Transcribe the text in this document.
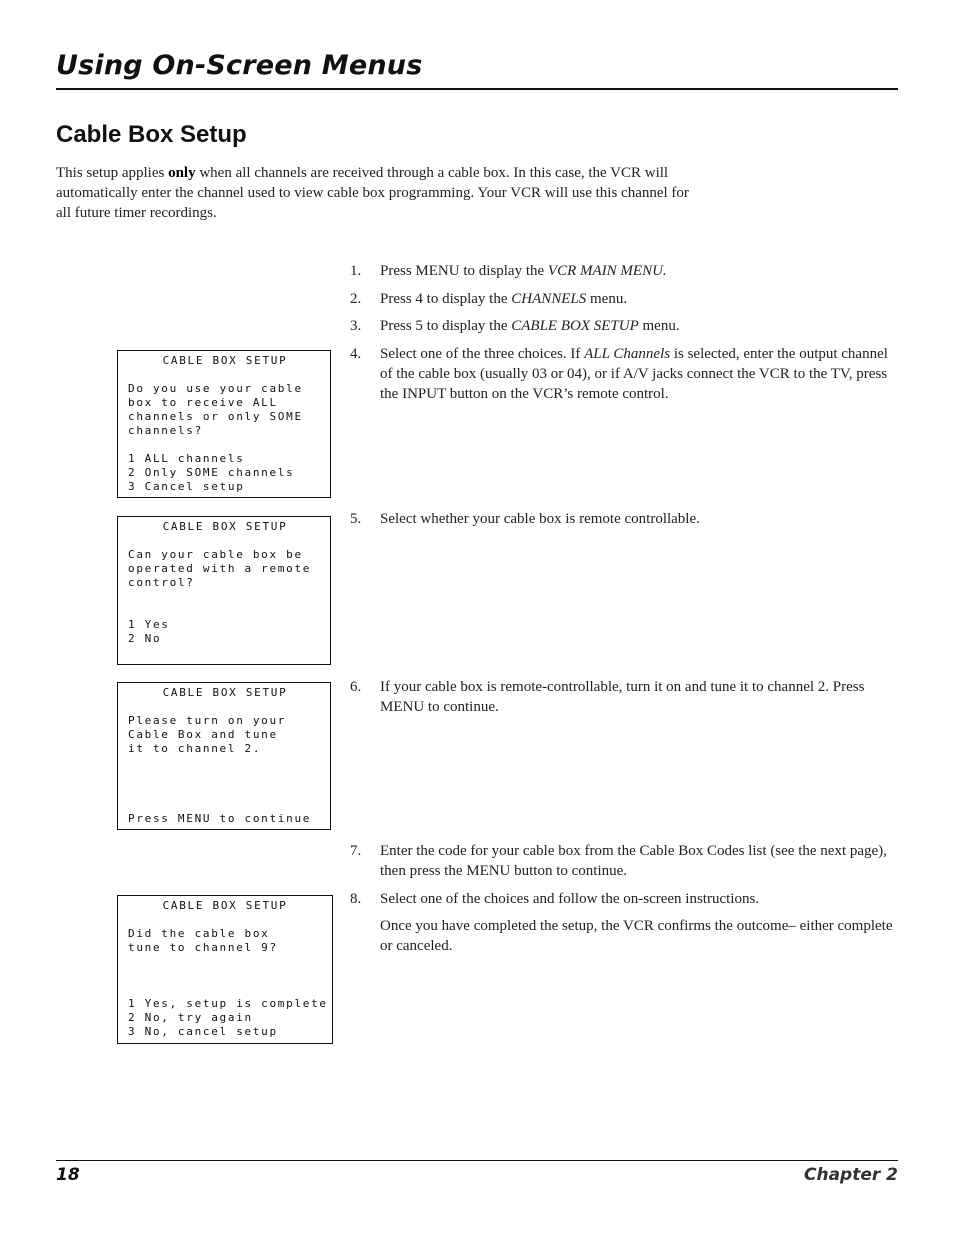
Using On-Screen Menus
Cable Box Setup

This setup applies only when all channels are received through a cable box. In this case, the VCR will automatically enter the channel used to view cable box programming. Your VCR will use this channel for all future timer recordings.

CABLE BOX SETUP
Do you use your cable
box to receive ALL
channels or only SOME
channels?

1 ALL channels
2 Only SOME channels
3 Cancel setup
CABLE BOX SETUP
Can your cable box be
operated with a remote
control?

1 Yes
2 No
CABLE BOX SETUP
Please turn on your
Cable Box and tune
it to channel 2.

Press MENU to continue
CABLE BOX SETUP
Did the cable box
tune to channel 9?

1 Yes, setup is complete
2 No, try again
3 No, cancel setup
1.	Press MENU to display the VCR MAIN MENU.
2.	Press 4 to display the CHANNELS menu.
3.	Press 5 to display the CABLE BOX SETUP menu.
4.	Select one of the three choices. If ALL Channels is selected, enter the output channel of the cable box (usually 03 or 04), or if A/V jacks connect the VCR to the TV, press the INPUT button on the VCR’s remote control.
5.	Select whether your cable box is remote controllable.
6.	If your cable box is remote-controllable, turn it on and tune it to channel 2. Press MENU to continue.
7.	Enter the code for your cable box from the Cable Box Codes list (see the next page), then press the MENU button to continue.
8.	Select one of the choices and follow the on-screen instructions.
Once you have completed the setup, the VCR confirms the outcome– either complete or canceled.
18	Chapter 2
